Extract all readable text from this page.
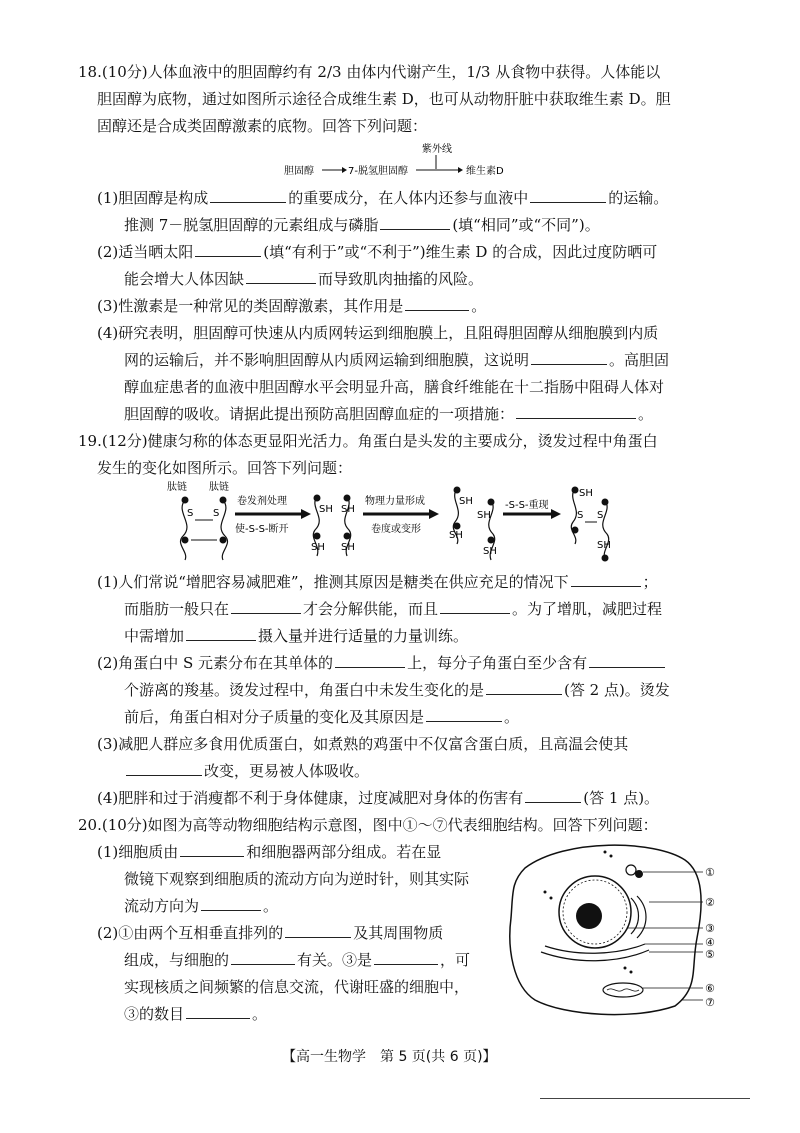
18.(10分)人体血液中的胆固醇约有 2/3 由体内代谢产生，1/3 从食物中获得。人体能以
胆固醇为底物，通过如图所示途径合成维生素 D，也可从动物肝脏中获取维生素 D。胆
固醇还是合成类固醇激素的底物。回答下列问题：
紫外线
胆固醇	7-脱氢胆固醇	维生素D
(1)胆固醇是构成	的重要成分，在人体内还参与血液中	的运输。
推测 7－脱氢胆固醇的元素组成与磷脂	(填“相同”或“不同”)。
(2)适当晒太阳	(填“有利于”或“不利于”)维生素 D 的合成，因此过度防晒可
能会增大人体因缺	而导致肌肉抽搐的风险。
(3)性激素是一种常见的类固醇激素，其作用是	。
(4)研究表明，胆固醇可快速从内质网转运到细胞膜上，且阻碍胆固醇从细胞膜到内质
网的运输后，并不影响胆固醇从内质网运输到细胞膜，这说明	。高胆固
醇血症患者的血液中胆固醇水平会明显升高，膳食纤维能在十二指肠中阻碍人体对
胆固醇的吸收。请据此提出预防高胆固醇血症的一项措施：	。
19.(12分)健康匀称的体态更显阳光活力。角蛋白是头发的主要成分，烫发过程中角蛋白
发生的变化如图所示。回答下列问题：
肽链 肽链
S S
卷发剂处理
使-S-S-断开
SH SH
SH SH
物理力量形成
卷度或变形
SH
SH
SH
SH
-S-S-重现
SH
S S
SH
(1)人们常说“增肥容易减肥难”，推测其原因是糖类在供应充足的情况下	；
而脂肪一般只在	才会分解供能，而且	。为了增肌，减肥过程
中需增加	摄入量并进行适量的力量训练。
(2)角蛋白中 S 元素分布在其单体的	上，每分子角蛋白至少含有
个游离的羧基。烫发过程中，角蛋白中未发生变化的是	(答 2 点)。烫发
前后，角蛋白相对分子质量的变化及其原因是	。
(3)减肥人群应多食用优质蛋白，如煮熟的鸡蛋中不仅富含蛋白质，且高温会使其
改变，更易被人体吸收。
(4)肥胖和过于消瘦都不利于身体健康，过度减肥对身体的伤害有	(答 1 点)。
20.(10分)如图为高等动物细胞结构示意图，图中①～⑦代表细胞结构。回答下列问题：
(1)细胞质由	和细胞器两部分组成。若在显
微镜下观察到细胞质的流动方向为逆时针，则其实际
流动方向为	。
(2)①由两个互相垂直排列的	及其周围物质
组成，与细胞的	有关。③是	，可
实现核质之间频繁的信息交流，代谢旺盛的细胞中，
③的数目	。
①
②
③
④
⑤
⑥
⑦
【高一生物学　第 5 页(共 6 页)】
